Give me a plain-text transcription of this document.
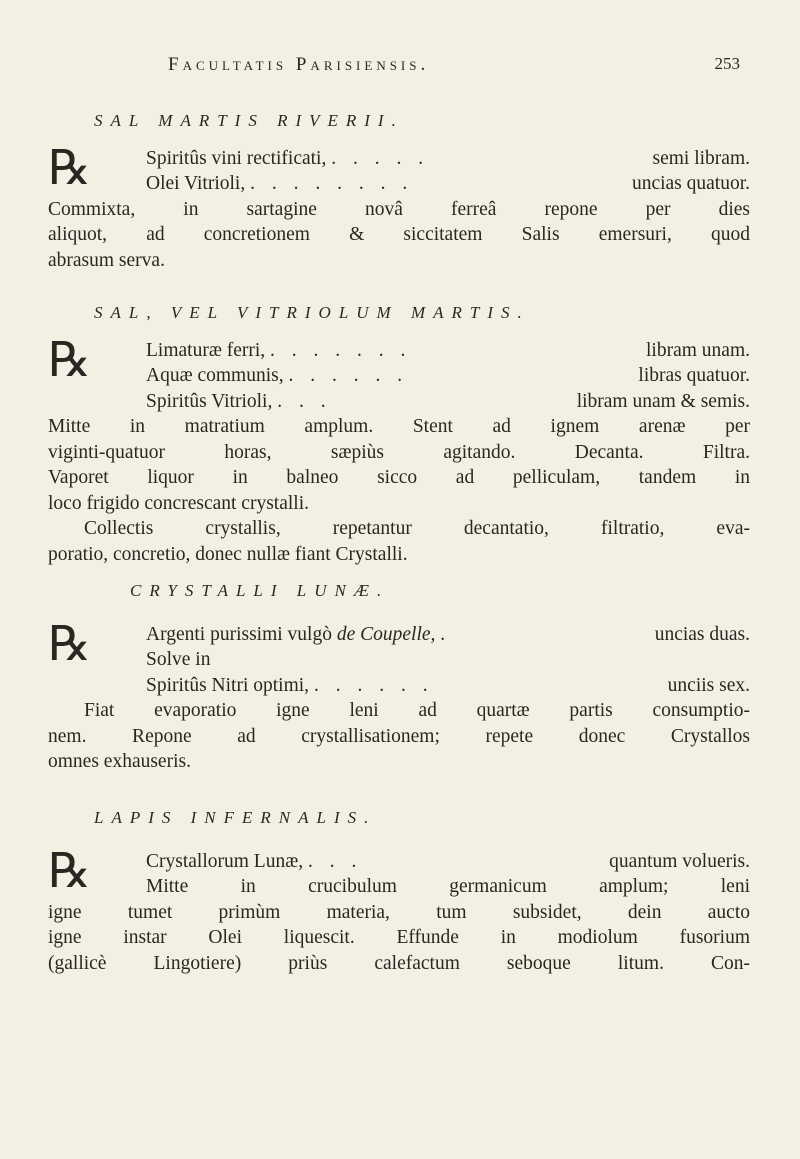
Facultatis Parisiensis.	253
SAL MARTIS RIVERII.
℞	Spiritûs vini rectificati, . . . . .	semi libram.
Olei Vitrioli, . . . . . . . .	uncias quatuor.
Commixta, in sartagine novâ ferreâ repone per dies
aliquot, ad concretionem & siccitatem Salis emersuri, quod
abrasum serva.
SAL, VEL VITRIOLUM MARTIS.
℞	Limaturæ ferri, . . . . . . .	libram unam.
Aquæ communis, . . . . . .	libras quatuor.
Spiritûs Vitrioli, . . .	libram unam & semis.
Mitte in matratium amplum. Stent ad ignem arenæ per
viginti-quatuor horas, sæpiùs agitando. Decanta. Filtra.
Vaporet liquor in balneo sicco ad pelliculam, tandem in
loco frigido concrescant crystalli.
Collectis crystallis, repetantur decantatio, filtratio, eva-
poratio, concretio, donec nullæ fiant Crystalli.
CRYSTALLI LUNÆ.
℞	Argenti purissimi vulgò de Coupelle, .	uncias duas.
Solve in
Spiritûs Nitri optimi, . . . . . .	unciis sex.
Fiat evaporatio igne leni ad quartæ partis consumptio-
nem. Repone ad crystallisationem; repete donec Crystallos
omnes exhauseris.
LAPIS INFERNALIS.
℞	Crystallorum Lunæ, . . .	quantum volueris.
Mitte in crucibulum germanicum amplum; leni
igne tumet primùm materia, tum subsidet, dein auctо
igne instar Olei liquescit. Effunde in modiolum fusorium
(gallicè Lingotiere) priùs calefactum seboque litum. Con-
